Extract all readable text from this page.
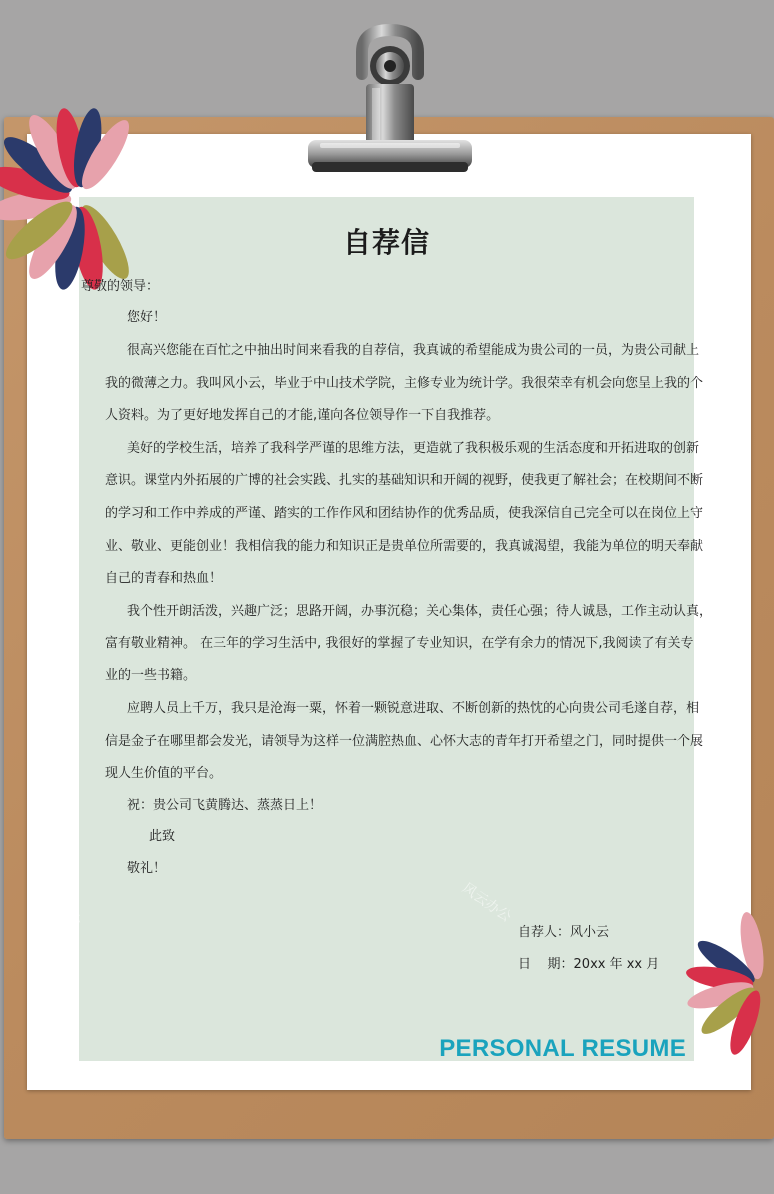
风云办公	风云办公
自荐信
尊敬的领导：
您好！
很高兴您能在百忙之中抽出时间来看我的自荐信，我真诚的希望能成为贵公司的一员，为贵公司献上
我的微薄之力。我叫风小云，毕业于中山技术学院，主修专业为统计学。我很荣幸有机会向您呈上我的个
人资料。为了更好地发挥自己的才能,谨向各位领导作一下自我推荐。
美好的学校生活，培养了我科学严谨的思维方法，更造就了我积极乐观的生活态度和开拓进取的创新
意识。课堂内外拓展的广博的社会实践、扎实的基础知识和开阔的视野，使我更了解社会；在校期间不断
的学习和工作中养成的严谨、踏实的工作作风和团结协作的优秀品质，使我深信自己完全可以在岗位上守
业、敬业、更能创业！我相信我的能力和知识正是贵单位所需要的，我真诚渴望，我能为单位的明天奉献
自己的青春和热血！
我个性开朗活泼，兴趣广泛；思路开阔，办事沉稳；关心集体，责任心强；待人诚恳，工作主动认真，
富有敬业精神。 在三年的学习生活中, 我很好的掌握了专业知识，在学有余力的情况下,我阅读了有关专
业的一些书籍。
应聘人员上千万，我只是沧海一粟，怀着一颗锐意进取、不断创新的热忱的心向贵公司毛遂自荐，相
信是金子在哪里都会发光，请领导为这样一位满腔热血、心怀大志的青年打开希望之门，同时提供一个展
现人生价值的平台。
祝：贵公司飞黄腾达、蒸蒸日上！
此致
敬礼！
自荐人：风小云
日    期：20xx 年 xx 月
PERSONAL RESUME
